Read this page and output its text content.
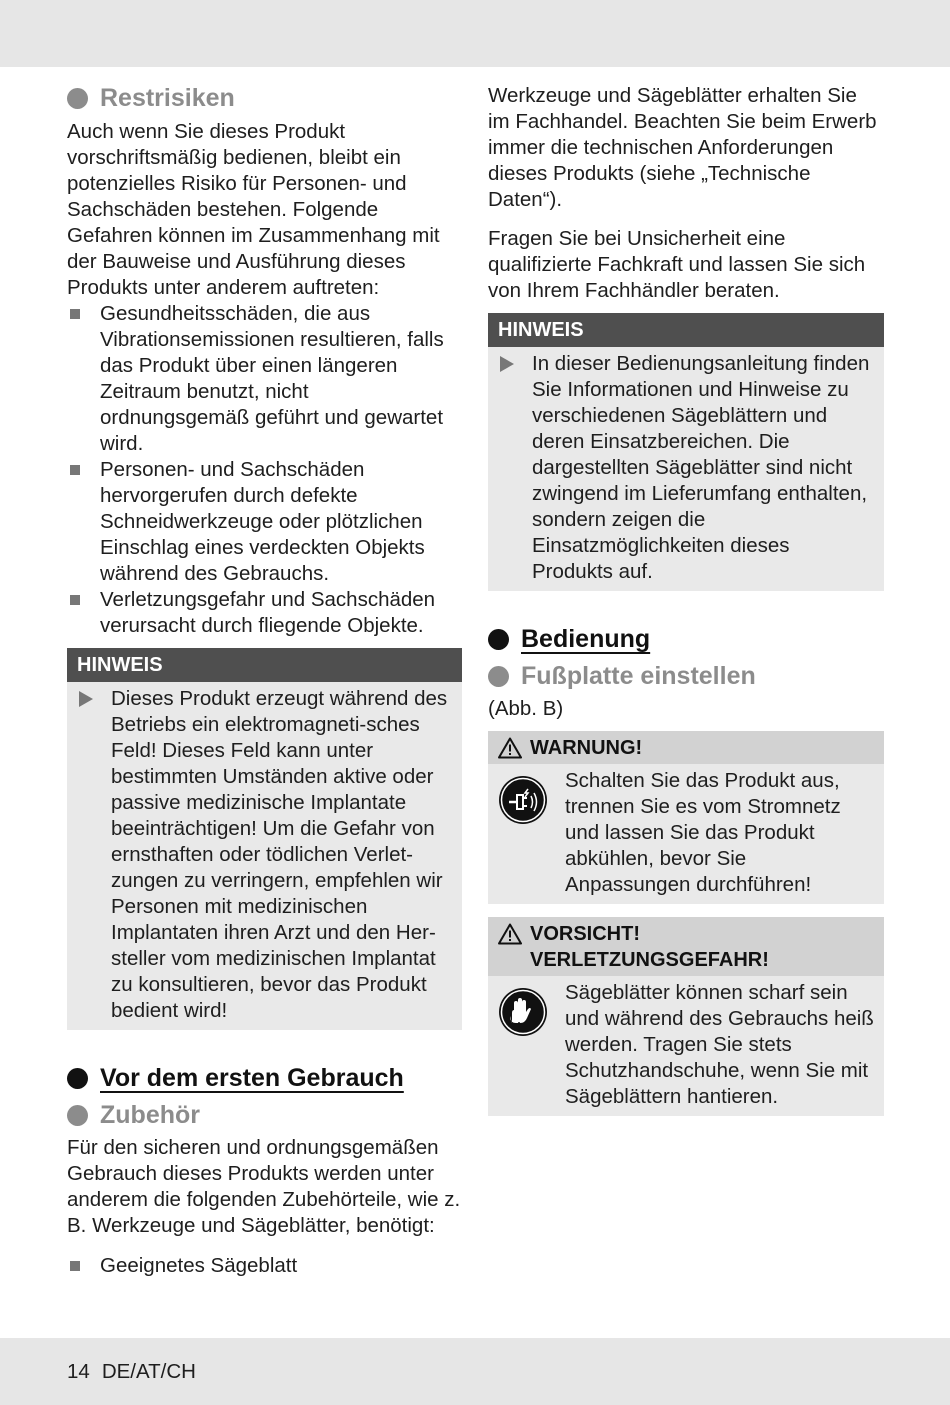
Restrisiken

Auch wenn Sie dieses Produkt vorschriftsmäßig bedienen, bleibt ein potenzielles Risiko für Personen- und Sachschäden bestehen. Folgende Gefahren können im Zusammenhang mit der Bauweise und Ausführung dieses Produkts unter anderem auftreten:

Gesundheitsschäden, die aus Vibrationsemissionen resultieren, falls das Produkt über einen längeren Zeitraum benutzt, nicht ordnungsgemäß geführt und gewartet wird.
Personen- und Sachschäden hervorgerufen durch defekte Schneidwerkzeuge oder plötzlichen Einschlag eines verdeckten Objekts während des Gebrauchs.
Verletzungsgefahr und Sachschäden verursacht durch fliegende Objekte.
HINWEIS

Dieses Produkt erzeugt während des Betriebs ein elektromagneti-sches Feld! Dieses Feld kann unter bestimmten Umständen aktive oder passive medizinische Implantate beeinträchtigen! Um die Gefahr von ernsthaften oder tödlichen Verlet-zungen zu verringern, empfehlen wir Personen mit medizinischen Implantaten ihren Arzt und den Her-steller vom medizinischen Implantat zu konsultieren, bevor das Produkt bedient wird!

Vor dem ersten Gebrauch
Zubehör

Für den sicheren und ordnungsgemäßen Gebrauch dieses Produkts werden unter anderem die folgenden Zubehörteile, wie z. B. Werkzeuge und Sägeblätter, benötigt:

Geeignetes Sägeblatt

Werkzeuge und Sägeblätter erhalten Sie im Fachhandel. Beachten Sie beim Erwerb immer die technischen Anforderungen dieses Produkts (siehe „Technische Daten“).

Fragen Sie bei Unsicherheit eine qualifizierte Fachkraft und lassen Sie sich von Ihrem Fachhändler beraten.

HINWEIS

In dieser Bedienungsanleitung finden Sie Informationen und Hinweise zu verschiedenen Sägeblättern und deren Einsatzbereichen. Die dargestellten Sägeblätter sind nicht zwingend im Lieferumfang enthalten, sondern zeigen die Einsatzmöglichkeiten dieses Produkts auf.

Bedienung
Fußplatte einstellen

(Abb. B)

WARNUNG!

Schalten Sie das Produkt aus, trennen Sie es vom Stromnetz und lassen Sie das Produkt abkühlen, bevor Sie Anpassungen durchführen!

VORSICHT! VERLETZUNGSGEFAHR!

Sägeblätter können scharf sein und während des Gebrauchs heiß werden. Tragen Sie stets Schutzhandschuhe, wenn Sie mit Sägeblättern hantieren.

14 DE/AT/CH
